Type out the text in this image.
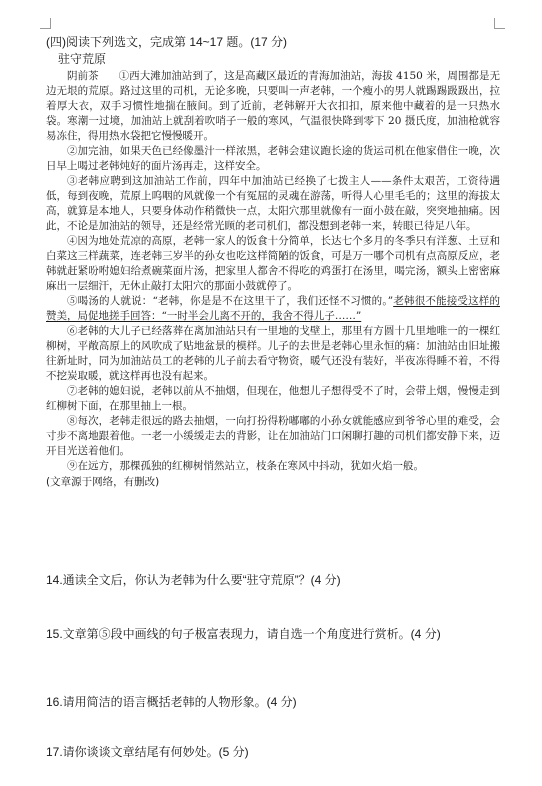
(四)阅读下列选文，完成第 14~17 题。(17 分)

驻守荒原

阴前茶 ①西大滩加油站到了，这是高藏区最近的青海加油站，海拔 4150 米，周围都是无边无垠的荒原。路过这里的司机，无论多晚，只要叫一声老韩，一个瘦小的男人就踢踢趿趿出，拉着厚大衣，双手习惯性地揣在腋间。到了近前，老韩解开大衣扣扣，原来他中藏着的是一只热水袋。寒潮一过境，加油站上就刮着吹哨子一般的寒风，气温很快降到零下 20 摄氏度，加油枪就容易冻住，得用热水袋把它慢慢暖开。

②加完油，如果天色已经像墨汁一样浓黑，老韩会建议跑长途的货运司机在他家借住一晚，次日早上喝过老韩炖好的面片汤再走，这样安全。

③老韩应聘到这加油站工作前，四年中加油站已经换了七拨主人——条件太艰苦，工资待遇低，每到夜晚，荒原上呜咽的风就像一个有冤屈的灵魂在游荡，听得人心里毛毛的；这里的海拔太高，就算是本地人，只要身体动作稍微快一点，太阳穴那里就像有一面小鼓在敲，突突地抽痛。因此，不论是加油站的领导，还是经常光顾的老司机们，都没想到老韩一来，转眼已待足八年。

④因为地处荒凉的高原，老韩一家人的饭食十分简单，长达七个多月的冬季只有洋葱、土豆和白菜这三样蔬菜，连老韩三岁半的孙女也吃这样简陋的饭食，可是万一哪个司机有点高原反应，老韩就赶紧吩咐媳妇给煮碗菜面片汤，把家里人都舍不得吃的鸡蛋打在汤里，喝完汤，额头上密密麻麻出一层细汗，无休止敲打太阳穴的那面小鼓就停了。

⑤喝汤的人就说：“老韩，你是是不在这里干了，我们还怪不习惯的。”老韩很不能接受这样的赞美，局促地搓手回答：“一时半会儿离不开的，我舍不得儿子……”

⑥老韩的大儿子已经落葬在离加油站只有一里地的戈壁上，那里有方圆十几里地唯一的一棵红柳树，平敞高原上的风吹成了贴地盆景的模样。儿子的去世是老韩心里永恒的痛：加油站由旧址搬往新址时，同为加油站员工的老韩的儿子前去看守物资，暖气还没有装好，半夜冻得睡不着，不得不挖炭取暖，就这样再也没有起来。

⑦老韩的媳妇说，老韩以前从不抽烟，但现在，他想儿子想得受不了时，会带上烟，慢慢走到红柳树下面，在那里抽上一根。

⑧每次，老韩走很远的路去抽烟，一向打扮得粉嘟嘟的小孙女就能感应到爷爷心里的难受，会寸步不离地跟着他。一老一小缓缓走去的背影，让在加油站门口闲聊打趣的司机们都安静下来，迈开目光送着他们。

⑨在远方，那棵孤独的红柳树悄然站立，枝条在寒风中抖动，犹如火焰一般。

(文章源于网络，有删改)

14.通读全文后，你认为老韩为什么要“驻守荒原”？(4 分)

15.文章第⑤段中画线的句子极富表现力，请自选一个角度进行赏析。(4 分)

16.请用简洁的语言概括老韩的人物形象。(4 分)

17.请你谈谈文章结尾有何妙处。(5 分)
